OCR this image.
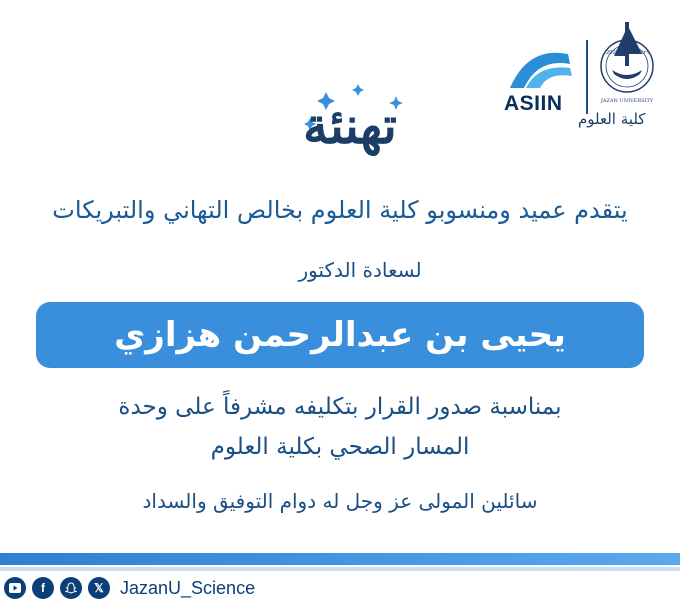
ASIIN
2006	١٤٢٦
JAZAN UNIVERSITY
كلية العلوم
تهنئة
يتقدم عميد ومنسوبو كلية العلوم بخالص التهاني والتبريكات
لسعادة الدكتور
يحيى بن عبدالرحمن هزازي
بمناسبة صدور القرار بتكليفه مشرفاً على وحدة
المسار الصحي بكلية العلوم
سائلين المولى عز وجل له دوام التوفيق والسداد
f	𝕏 JazanU_Science
